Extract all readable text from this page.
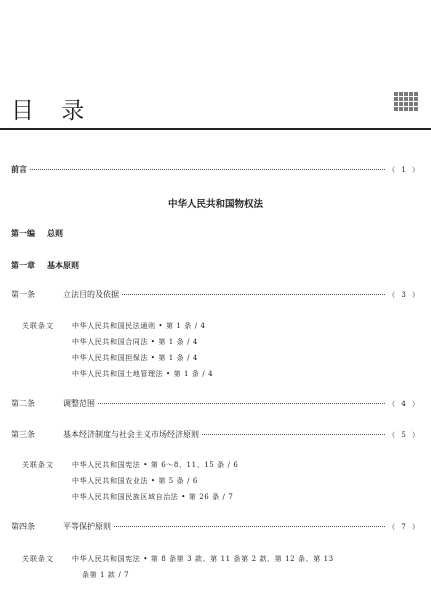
目 录
前言	（ 1 ）
中华人民共和国物权法
第一编 总则
第一章 基本原则
第一条	立法目的及依据	（ 3 ）
关联条文	中华人民共和国民法通则 • 第 1 条 / 4
中华人民共和国合同法 • 第 1 条 / 4
中华人民共和国担保法 • 第 1 条 / 4
中华人民共和国土地管理法 • 第 1 条 / 4
第二条	调整范围	（ 4 ）
第三条	基本经济制度与社会主义市场经济原则	（ 5 ）
关联条文	中华人民共和国宪法 • 第 6～8、11、15 条 / 6
中华人民共和国农业法 • 第 5 条 / 6
中华人民共和国民族区域自治法 • 第 26 条 / 7
第四条	平等保护原则	（ 7 ）
关联条文	中华人民共和国宪法 • 第 8 条第 3 款、第 11 条第 2 款、第 12 条、第 13
条第 1 款 / 7
